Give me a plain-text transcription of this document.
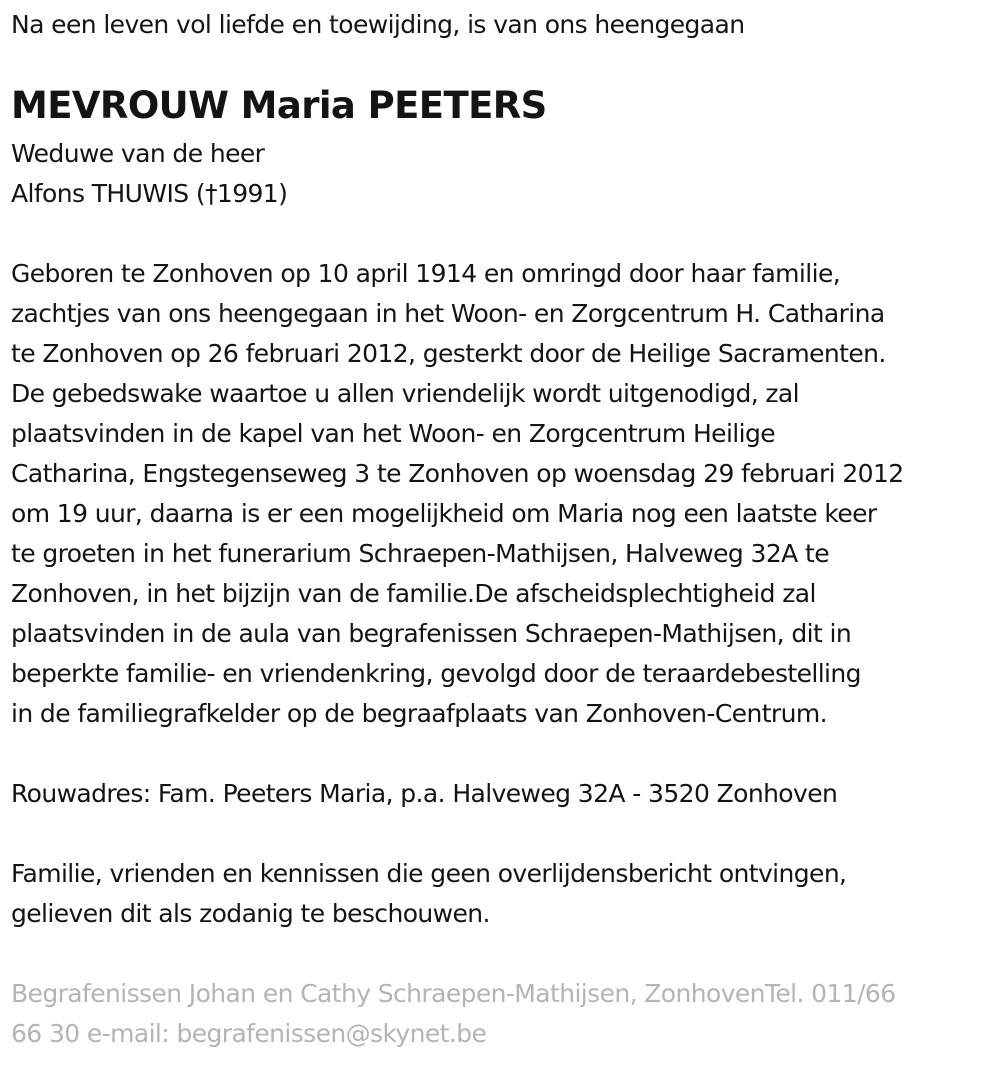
Na een leven vol liefde en toewijding, is van ons heengegaan
MEVROUW Maria PEETERS
Weduwe van de heer
Alfons THUWIS (†1991)
Geboren te Zonhoven op 10 april 1914 en omringd door haar familie,
zachtjes van ons heengegaan in het Woon- en Zorgcentrum H. Catharina
te Zonhoven op 26 februari 2012, gesterkt door de Heilige Sacramenten.
De gebedswake waartoe u allen vriendelijk wordt uitgenodigd, zal
plaatsvinden in de kapel van het Woon- en Zorgcentrum Heilige
Catharina, Engstegenseweg 3 te Zonhoven op woensdag 29 februari 2012
om 19 uur, daarna is er een mogelijkheid om Maria nog een laatste keer
te groeten in het funerarium Schraepen-Mathijsen, Halveweg 32A te
Zonhoven, in het bijzijn van de familie.De afscheidsplechtigheid zal
plaatsvinden in de aula van begrafenissen Schraepen-Mathijsen, dit in
beperkte familie- en vriendenkring, gevolgd door de teraardebestelling
in de familiegrafkelder op de begraafplaats van Zonhoven-Centrum.
Rouwadres: Fam. Peeters Maria, p.a. Halveweg 32A - 3520 Zonhoven
Familie, vrienden en kennissen die geen overlijdensbericht ontvingen,
gelieven dit als zodanig te beschouwen.
Begrafenissen Johan en Cathy Schraepen-Mathijsen, ZonhovenTel. 011/66
66 30 e-mail: begrafenissen@skynet.be
